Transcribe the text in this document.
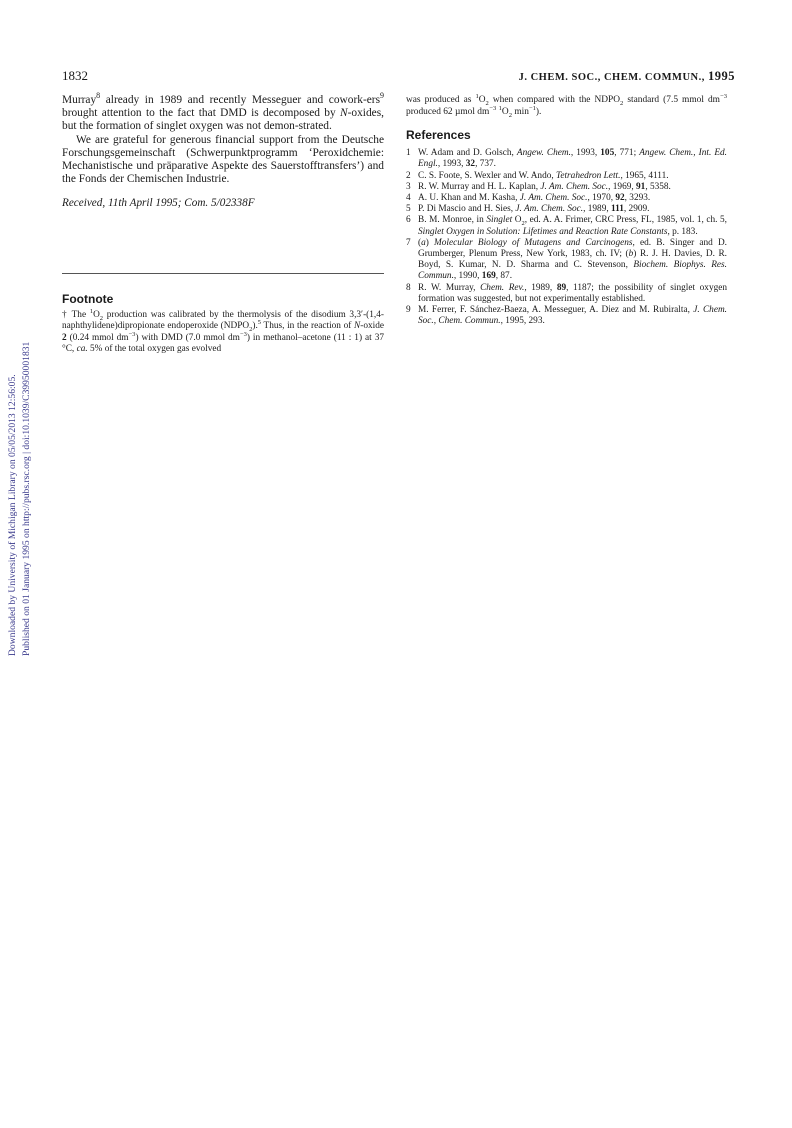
1832	J. CHEM. SOC., CHEM. COMMUN., 1995

Murray$^8$ already in 1989 and recently Messeguer and cowork-ers$^9$ brought attention to the fact that DMD is decomposed by N-oxides, but the formation of singlet oxygen was not demon-strated.

We are grateful for generous financial support from the Deutsche Forschungsgemeinschaft (Schwerpunktprogramm ‘Peroxidchemie: Mechanistische und präparative Aspekte des Sauerstofftransfers’) and the Fonds der Chemischen Industrie.

Received, 11th April 1995; Com. 5/02338F

Footnote
† The $^1O_2$ production was calibrated by the thermolysis of the disodium 3,3′-(1,4-naphthylidene)dipropionate endoperoxide $(NDPO_2).^5$ Thus, in the reaction of N-oxide 2 (0.24 mmol $dm^{-3}$) with DMD (7.0 mmol $dm^{-3}$) in methanol–acetone (11 : 1) at 37 °C, ca. 5% of the total oxygen gas evolved

was produced as $^1O_2$ when compared with the $NDPO_2$ standard (7.5 mmol $dm^{-3}$ produced 62 µmol $dm^{-3}$ $^1O_2$ $\min^{-1}$).

References
1 W. Adam and D. Golsch, Angew. Chem., 1993, 105, 771; Angew. Chem., Int. Ed. Engl., 1993, 32, 737.
2 C. S. Foote, S. Wexler and W. Ando, Tetrahedron Lett., 1965, 4111.
3 R. W. Murray and H. L. Kaplan, J. Am. Chem. Soc., 1969, 91, 5358.
4 A. U. Khan and M. Kasha, J. Am. Chem. Soc., 1970, 92, 3293.
5 P. Di Mascio and H. Sies, J. Am. Chem. Soc., 1989, 111, 2909.
6 B. M. Monroe, in Singlet $O_2$, ed. A. A. Frimer, CRC Press, FL, 1985, vol. 1, ch. 5, Singlet Oxygen in Solution: Lifetimes and Reaction Rate Constants, p. 183.
7 (a) Molecular Biology of Mutagens and Carcinogens, ed. B. Singer and D. Grumberger, Plenum Press, New York, 1983, ch. IV; (b) R. J. H. Davies, D. R. Boyd, S. Kumar, N. D. Sharma and C. Stevenson, Biochem. Biophys. Res. Commun., 1990, 169, 87.
8 R. W. Murray, Chem. Rev., 1989, 89, 1187; the possibility of singlet oxygen formation was suggested, but not experimentally established.
9 M. Ferrer, F. Sánchez-Baeza, A. Messeguer, A. Diez and M. Rubiralta, J. Chem. Soc., Chem. Commun., 1995, 293.
Downloaded by University of Michigan Library on 05/05/2013 12:56:05. Published on 01 January 1995 on http://pubs.rsc.org | doi:10.1039/C39950001831
